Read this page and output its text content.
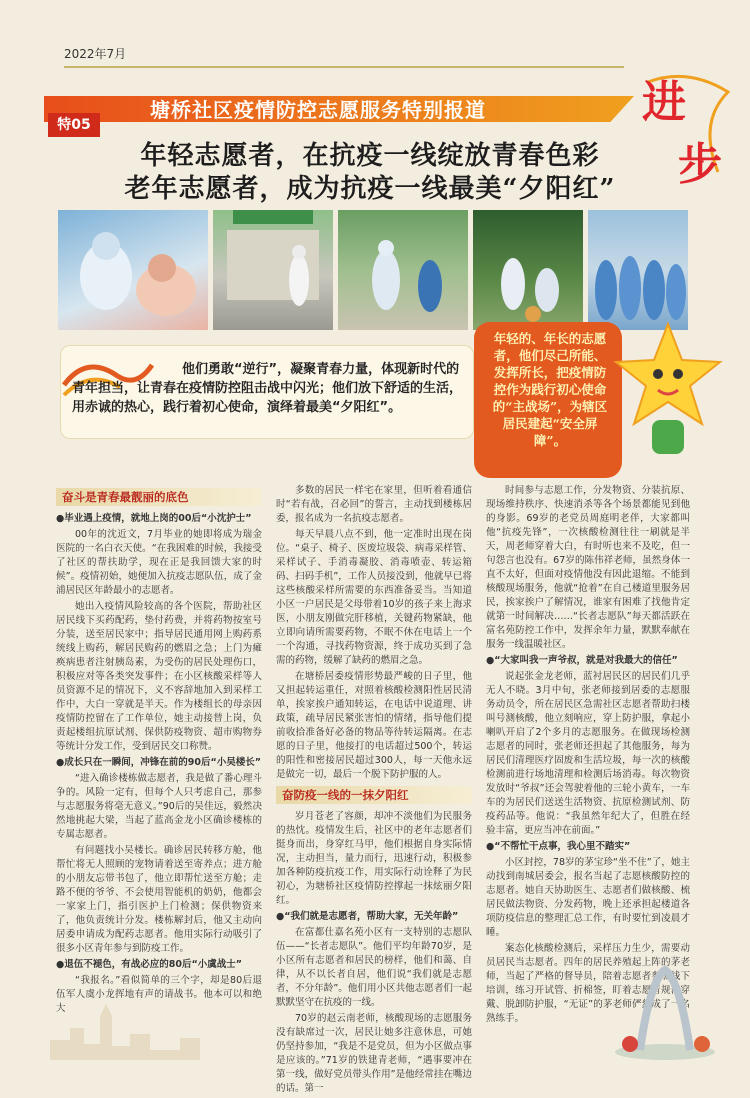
2022年7月
进
步
塘桥社区疫情防控志愿服务特别报道
特05
年轻志愿者，在抗疫一线绽放青春色彩
老年志愿者，成为抗疫一线最美“夕阳红”
他们勇敢“逆行”，凝聚青春力量，体现新时代的青年担当，让青春在疫情防控阻击战中闪光；他们放下舒适的生活，用赤诚的热心，践行着初心使命，演绎着最美“夕阳红”。
年轻的、年长的志愿者，他们尽己所能、发挥所长，把疫情防控作为践行初心使命的“主战场”，为辖区居民建起“安全屏障”。
奋斗是青春最靓丽的底色

●毕业遇上疫情，就地上岗的00后“小沈护士”

00年的沈近文，7月毕业的她即将成为瑞金医院的一名白衣天使。“在我困难的时候，我接受了社区的帮扶助学，现在正是我回馈大家的时候”。疫情初始，她便加入抗疫志愿队伍，成了金浦居民区年龄最小的志愿者。

她出入疫情风险较高的各个医院，帮助社区居民线下买药配药，垫付药费，并将药物按室号分装，送至居民家中；指导居民通用网上购药系统线上购药，解居民购药的燃眉之急；上门为瘫痪病患者注射胰岛素，为受伤的居民处理伤口，积极应对等各类突发事件；在小区核酸采样等人员资源不足的情况下，义不容辞地加入到采样工作中，大白一穿就是半天。作为楼组长的母亲因疫情防控留在了工作单位，她主动接替上岗，负责起楼组抗原试剂、保供防疫物资、超市购物券等统计分发工作，受到居民交口称赞。

●成长只在一瞬间，冲锋在前的90后“小吴楼长”

“进入确诊楼栋做志愿者，我是做了番心理斗争的。风险一定有，但每个人只考虑自己，那参与志愿服务将毫无意义。”90后的吴佳远，毅然决然地挑起大梁，当起了蓝高金龙小区确诊楼栋的专属志愿者。

有问题找小吴楼长。确诊居民转移方舱，他帮忙将无人照顾的宠物请着送至寄养点；进方舱的小朋友忘带书包了，他立即帮忙送至方舱；走路不便的爷爷、不会使用智能机的奶奶，他都会一家家上门，指引医护上门检测；保供物资来了，他负责统计分发。楼栋解封后，他又主动向居委申请成为配药志愿者。他用实际行动吸引了很多小区青年参与到防疫工作。

●退伍不褪色，有战必应的80后“小虞战士”

“我报名。”看似简单的三个字，却是80后退伍军人虞小龙挥地有声的请战书。他本可以和绝大

多数的居民一样宅在家里，但听着看通信时“若有战，召必回”的誓言，主动找到楼栋居委，报名成为一名抗疫志愿者。

每天早晨八点不到，他一定准时出现在岗位。“桌子、椅子、医废垃圾袋、病毒采样管、采样试子、手消毒凝胶、消毒喷壶、转运箱码、扫码手机”，工作人员接没到，他就早已将这些核酸采样所需要的东西准备妥当。当知道小区一户居民是父母带着10岁的孩子来上海求医，小朋友刚做完肝移植，关键药物紧缺，他立即向请所需要药物，不眠不休在电话上一个一个沟通，寻找药物资源，终于成功买到了急需的药物，缓解了缺药的燃眉之急。

在塘桥居委疫情形势最严峻的日子里，他又担起转运重任，对照着核酸检测阳性居民清单，挨家挨户通知转运，在电话中说道理、讲政策，疏导居民紧张害怕的情绪，指导他们提前收拾准备好必备的物品等待转运隔离。在志愿的日子里，他接打的电话超过500个，转运的阳性和密接居民超过300人，每一天他永远是做完一切，最后一个脱下防护服的人。

奋防疫一线的一抹夕阳红

岁月苍老了容颜，却冲不淡他们为民服务的热忱。疫情发生后，社区中的老年志愿者们挺身而出，身穿红马甲，他们根据自身实际情况，主动担当，量力而行，迅速行动，积极参加各种防疫抗疫工作，用实际行动诠释了为民初心，为塘桥社区疫情防控撑起一抹炫丽夕阳红。

●“我们就是志愿者，帮助大家，无关年龄”

在富都仕嘉名苑小区有一支特别的志愿队伍——“长者志愿队”。他们平均年龄70岁，是小区所有志愿者和居民的榜样，他们和蔼、自律，从不以长者自居，他们说“我们就是志愿者，不分年龄”。他们用小区共他志愿者们一起默默坚守在抗疫的一线。

70岁的赵云南老师，核酸现场的志愿服务没有缺席过一次，居民让她多注意休息，可她仍坚持参加，“我是不是党员，但为小区做点事是应该的。”71岁的铁建青老师，“遇事要冲在第一线，做好党员带头作用”是他经常挂在嘴边的话。第一

时间参与志愿工作，分发物资、分装抗原、现场维持秩序、快速消杀等各个场景都能见到他的身影。69岁的老党员周庭明老伴，大家都叫他“抗疫先锋”，一次核酸检测往往一刷就是半天，周老师穿着大白，有时听也来不及吃，但一句怨言也没有。67岁的陈伟祥老师，虽然身体一直不太好，但面对疫情他没有因此退缩。不能到核酸现场服务，他就“抢着”在自己楼道里服务居民，挨家挨户了解情况，谁家有困难了找他肯定就第一时间解决……“长者志愿队”每天都活跃在富名苑防控工作中，发挥余年力量，默默奉献在服务一线温暖社区。

●“大家叫我一声爷叔，就是对我最大的信任”

说起张金龙老师，蓝衬居民区的居民们几乎无人不晓。3月中旬，张老师接到居委的志愿服务动员令，所在居民区急需社区志愿者帮助扫楼叫号测核酸，他立刻响应，穿上防护服，拿起小喇叭开启了2个多月的志愿服务。在做现场检测志愿者的同时，张老师还担起了其他服务，每为居民们清理医疗固废和生活垃圾，每一次的核酸检测前进行场地清理和检测后场消毒。每次物资发放时“爷叔”还会驾驶着他的三轮小黄车，一车车的为居民们送送生活物资、抗原检测试剂、防疫药品等。他说：“我虽然年纪大了，但胜在经验丰富，更应当冲在前面。”

●“不帮忙干点事，我心里不踏实”

小区封控，78岁的茅宝珍“坐不住”了，她主动找到南城居委会，报名当起了志愿核酸防控的志愿者。她自天协助医生、志愿者们做核酸、梳居民做法物资、分发药物，晚上还承担起楼道各项防疫信息的整理汇总工作，有时要忙到凌晨才睡。

案态化核酸检测后，采样压力生少，需要动员居民当志愿者。四年的居民养殖起上阵的茅老师，当起了严格的督导员，陪着志愿者参加线下培训，练习开试管、折棉签，盯着志愿者规范穿戴、脱卸防护服，“无证”的茅老师俨然成了一名熟练手。
